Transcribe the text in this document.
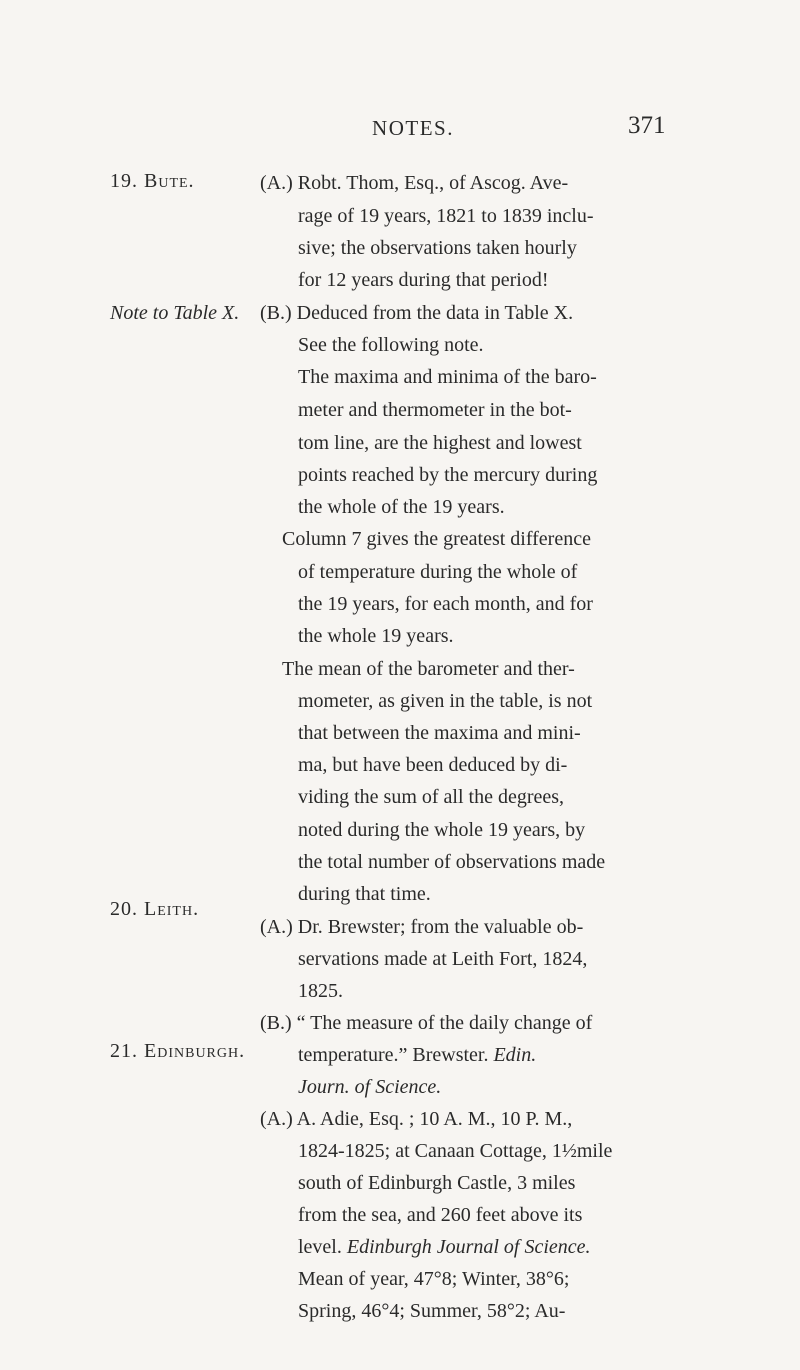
NOTES.	371
19. Bute.
Note to Table X.
20. Leith.
21. Edinburgh.
(A.) Robt. Thom, Esq., of Ascog. Ave-
rage of 19 years, 1821 to 1839 inclu-
sive; the observations taken hourly
for 12 years during that period!
(B.) Deduced from the data in Table X.
See the following note.
The maxima and minima of the baro-
meter and thermometer in the bot-
tom line, are the highest and lowest
points reached by the mercury during
the whole of the 19 years.
Column 7 gives the greatest difference
of temperature during the whole of
the 19 years, for each month, and for
the whole 19 years.
The mean of the barometer and ther-
mometer, as given in the table, is not
that between the maxima and mini-
ma, but have been deduced by di-
viding the sum of all the degrees,
noted during the whole 19 years, by
the total number of observations made
during that time.
(A.) Dr. Brewster; from the valuable ob-
servations made at Leith Fort, 1824,
1825.
(B.) “ The measure of the daily change of
temperature.” Brewster. Edin.
Journ. of Science.
(A.) A. Adie, Esq. ; 10 A. M., 10 P. M.,
1824-1825; at Canaan Cottage, 1½mile
south of Edinburgh Castle, 3 miles
from the sea, and 260 feet above its
level. Edinburgh Journal of Science.
Mean of year, 47°8; Winter, 38°6;
Spring, 46°4; Summer, 58°2; Au-
